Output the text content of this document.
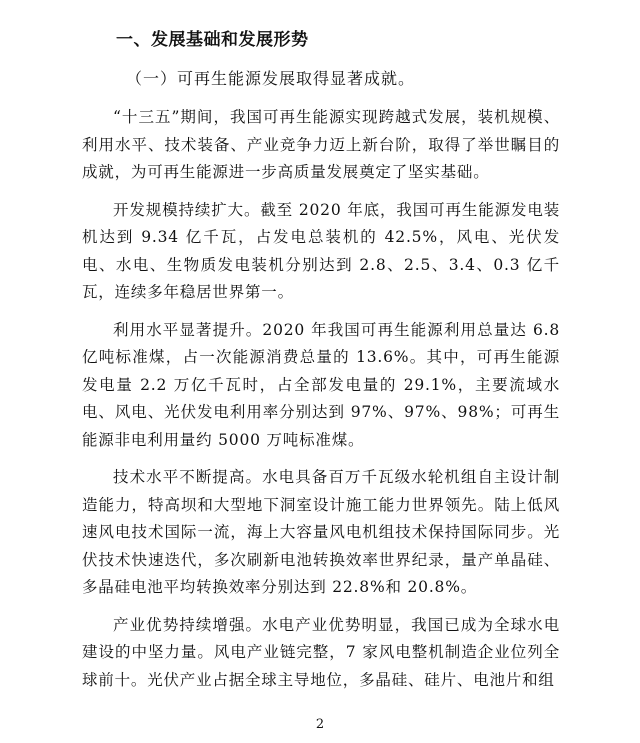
一、发展基础和发展形势
（一）可再生能源发展取得显著成就。

“十三五”期间，我国可再生能源实现跨越式发展，装机规模、利用水平、技术装备、产业竞争力迈上新台阶，取得了举世瞩目的成就，为可再生能源进一步高质量发展奠定了坚实基础。

开发规模持续扩大。截至 2020 年底，我国可再生能源发电装机达到 9.34 亿千瓦，占发电总装机的 42.5%，风电、光伏发电、水电、生物质发电装机分别达到 2.8、2.5、3.4、0.3 亿千瓦，连续多年稳居世界第一。

利用水平显著提升。2020 年我国可再生能源利用总量达 6.8 亿吨标准煤，占一次能源消费总量的 13.6%。其中，可再生能源发电量 2.2 万亿千瓦时，占全部发电量的 29.1%，主要流域水电、风电、光伏发电利用率分别达到 97%、97%、98%；可再生能源非电利用量约 5000 万吨标准煤。

技术水平不断提高。水电具备百万千瓦级水轮机组自主设计制造能力，特高坝和大型地下洞室设计施工能力世界领先。陆上低风速风电技术国际一流，海上大容量风电机组技术保持国际同步。光伏技术快速迭代，多次刷新电池转换效率世界纪录，量产单晶硅、多晶硅电池平均转换效率分别达到 22.8%和 20.8%。

产业优势持续增强。水电产业优势明显，我国已成为全球水电建设的中坚力量。风电产业链完整，7 家风电整机制造企业位列全球前十。光伏产业占据全球主导地位，多晶硅、硅片、电池片和组

2
